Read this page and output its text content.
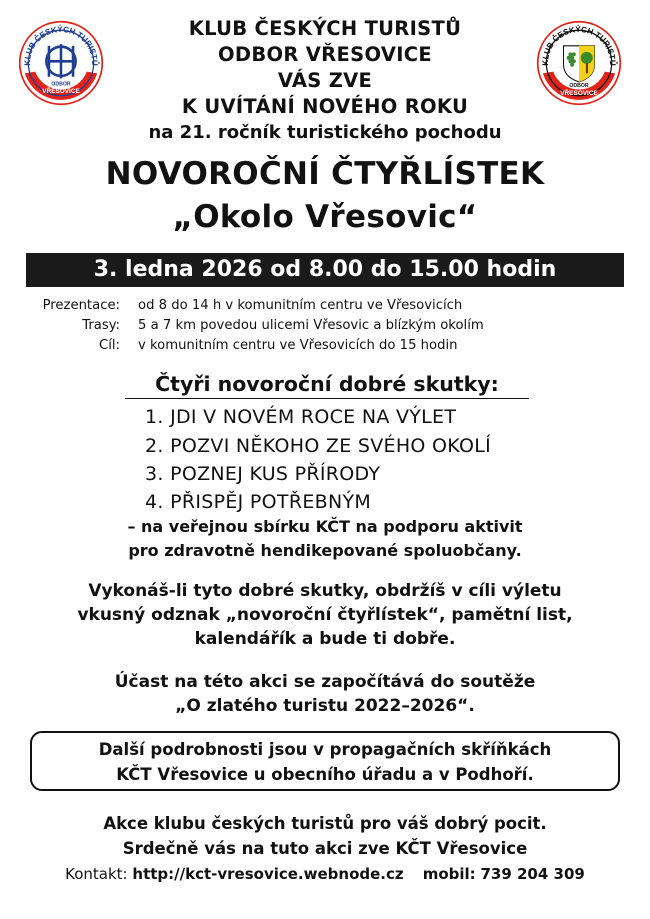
KLUB ČESKÝCH TURISTŮ
ODBOR
VŘESOVICE
KLUB ČESKÝCH TURISTŮ
ODBOR
VŘESOVICE
KLUB ČESKÝCH TURISTŮ
ODBOR VŘESOVICE
VÁS ZVE
K UVÍTÁNÍ NOVÉHO ROKU
na 21. ročník turistického pochodu
NOVOROČNÍ ČTYŘLÍSTEK
„Okolo Vřesovic“
3. ledna 2026 od 8.00 do 15.00 hodin
Prezentace: od 8 do 14 h v komunitním centru ve Vřesovicích
Trasy: 5 a 7 km povedou ulicemi Vřesovic a blízkým okolím
Cíl: v komunitním centru ve Vřesovicích do 15 hodin
Čtyři novoroční dobré skutky:
1. JDI V NOVÉM ROCE NA VÝLET
2. POZVI NĚKOHO ZE SVÉHO OKOLÍ
3. POZNEJ KUS PŘÍRODY
4. PŘISPĚJ POTŘEBNÝM
– na veřejnou sbírku KČT na podporu aktivit
pro zdravotně hendikepované spoluobčany.
Vykonáš-li tyto dobré skutky, obdržíš v cíli výletu
vkusný odznak „novoroční čtyřlístek“, pamětní list,
kalendářík a bude ti dobře.
Účast na této akci se započítává do soutěže
„O zlatého turistu 2022–2026“.
Další podrobnosti jsou v propagačních skříňkách
KČT Vřesovice u obecního úřadu a v Podhoří.
Akce klubu českých turistů pro váš dobrý pocit.
Srdečně vás na tuto akci zve KČT Vřesovice
Kontakt: http://kct-vresovice.webnode.cz mobil: 739 204 309
